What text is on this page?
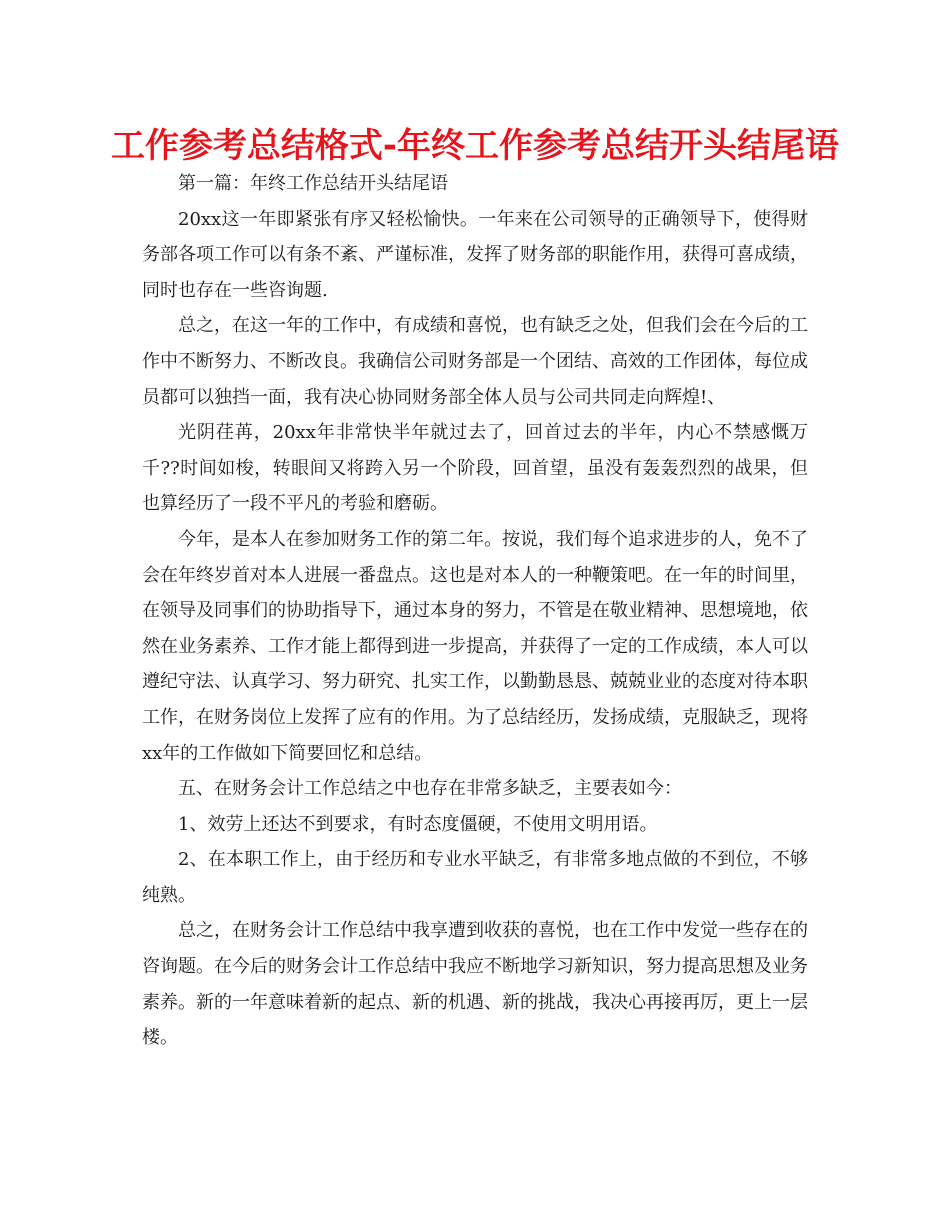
工作参考总结格式-年终工作参考总结开头结尾语

第一篇：年终工作总结开头结尾语

20xx这一年即紧张有序又轻松愉快。一年来在公司领导的正确领导下，使得财务部各项工作可以有条不紊、严谨标准，发挥了财务部的职能作用，获得可喜成绩，同时也存在一些咨询题.

总之，在这一年的工作中，有成绩和喜悦，也有缺乏之处，但我们会在今后的工作中不断努力、不断改良。我确信公司财务部是一个团结、高效的工作团体，每位成员都可以独挡一面，我有决心协同财务部全体人员与公司共同走向辉煌!、

光阴荏苒，20xx年非常快半年就过去了，回首过去的半年，内心不禁感慨万千??时间如梭，转眼间又将跨入另一个阶段，回首望，虽没有轰轰烈烈的战果，但也算经历了一段不平凡的考验和磨砺。

今年，是本人在参加财务工作的第二年。按说，我们每个追求进步的人，免不了会在年终岁首对本人进展一番盘点。这也是对本人的一种鞭策吧。在一年的时间里，在领导及同事们的协助指导下，通过本身的努力，不管是在敬业精神、思想境地，依然在业务素养、工作才能上都得到进一步提高，并获得了一定的工作成绩，本人可以遵纪守法、认真学习、努力研究、扎实工作，以勤勤恳恳、兢兢业业的态度对待本职工作，在财务岗位上发挥了应有的作用。为了总结经历，发扬成绩，克服缺乏，现将xx年的工作做如下简要回忆和总结。

五、在财务会计工作总结之中也存在非常多缺乏，主要表如今：

1、效劳上还达不到要求，有时态度僵硬，不使用文明用语。

2、在本职工作上，由于经历和专业水平缺乏，有非常多地点做的不到位，不够纯熟。

总之，在财务会计工作总结中我享遭到收获的喜悦，也在工作中发觉一些存在的咨询题。在今后的财务会计工作总结中我应不断地学习新知识，努力提高思想及业务素养。新的一年意味着新的起点、新的机遇、新的挑战，我决心再接再厉，更上一层楼。
